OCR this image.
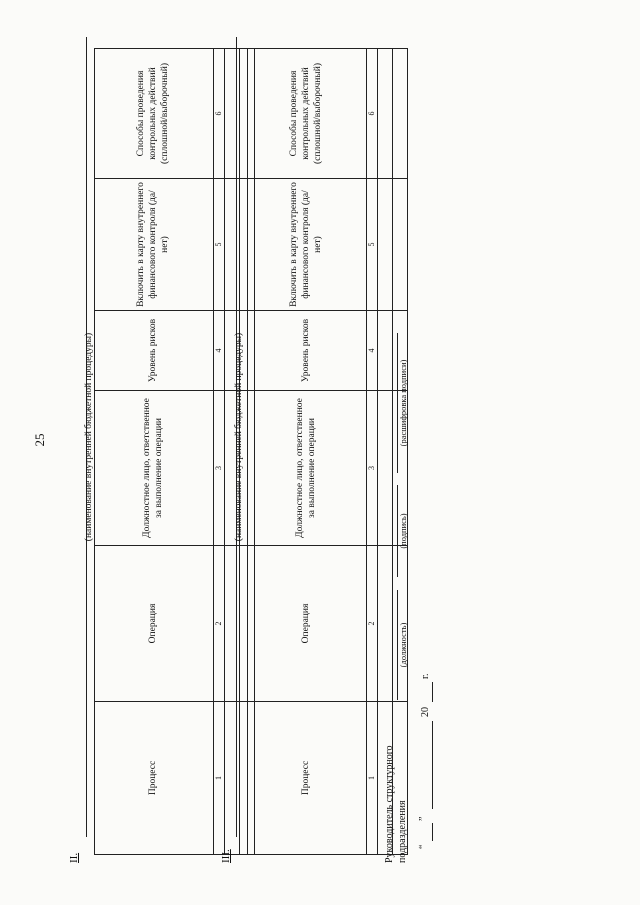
25
II.
(наименование внутренней бюджетной процедуры)
Процесс	Операция	Должностное лицо, ответственное за выполнение операции	Уровень рисков	Включить в карту внутреннего финансового контроля (да/нет)	Способы проведения контрольных действий (сплошной/выборочный)
1	2	3	4	5	6

III.
(наименование внутренней бюджетной процедуры)
Процесс	Операция	Должностное лицо, ответственное за выполнение операции	Уровень рисков	Включить в карту внутреннего финансового контроля (да/нет)	Способы проведения контрольных действий (сплошной/выборочный)
1	2	3	4	5	6

Руководитель структурного подразделения
(должность)
(подпись)
(расшифровка подписи)
“
”
20
г.
